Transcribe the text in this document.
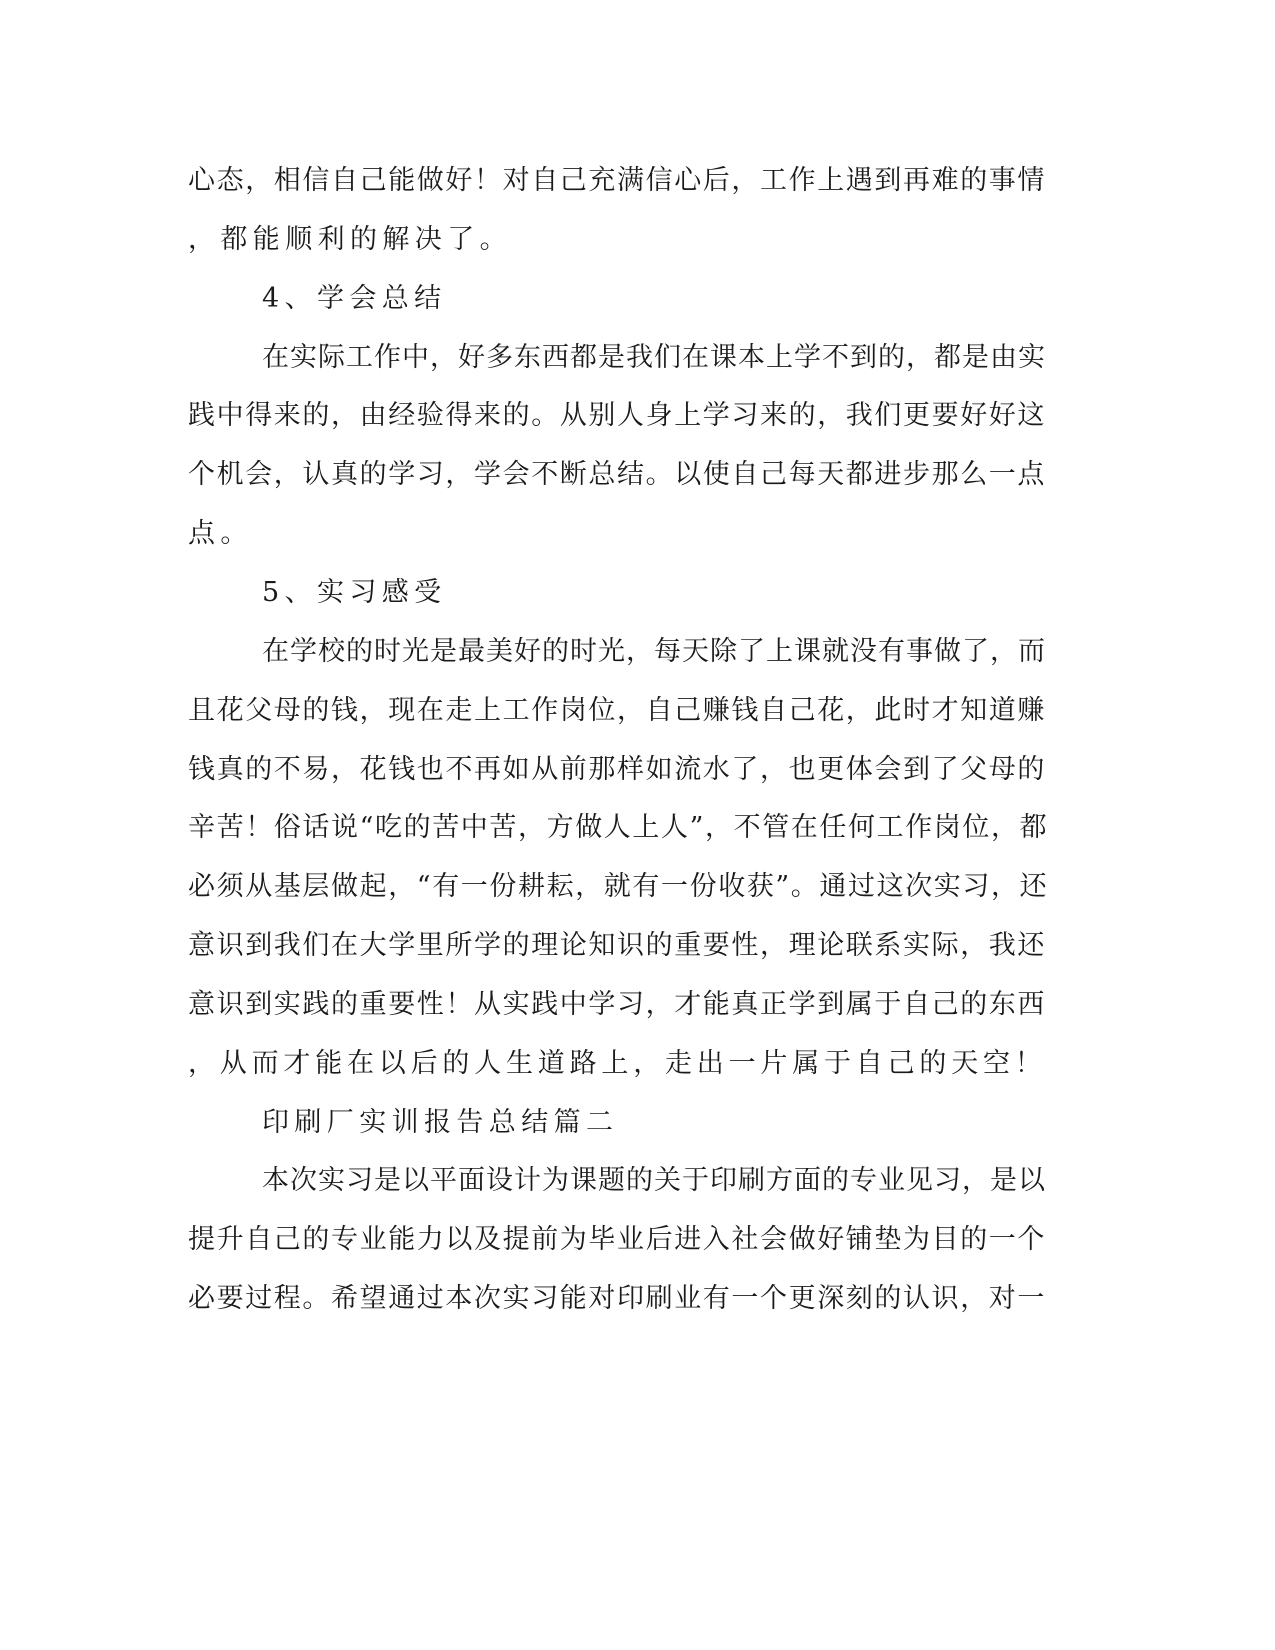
心态，相信自己能做好！对自己充满信心后，工作上遇到再难的事情
，都能顺利的解决了。
4、学会总结
在实际工作中，好多东西都是我们在课本上学不到的，都是由实
践中得来的，由经验得来的。从别人身上学习来的，我们更要好好这
个机会，认真的学习，学会不断总结。以使自己每天都进步那么一点
点。
5、实习感受
在学校的时光是最美好的时光，每天除了上课就没有事做了，而
且花父母的钱，现在走上工作岗位，自己赚钱自己花，此时才知道赚
钱真的不易，花钱也不再如从前那样如流水了，也更体会到了父母的
辛苦！俗话说“吃的苦中苦，方做人上人”，不管在任何工作岗位，都
必须从基层做起，“有一份耕耘，就有一份收获”。通过这次实习，还
意识到我们在大学里所学的理论知识的重要性，理论联系实际，我还
意识到实践的重要性！从实践中学习，才能真正学到属于自己的东西
，从而才能在以后的人生道路上，走出一片属于自己的天空！
印刷厂实训报告总结篇二
本次实习是以平面设计为课题的关于印刷方面的专业见习，是以
提升自己的专业能力以及提前为毕业后进入社会做好铺垫为目的一个
必要过程。希望通过本次实习能对印刷业有一个更深刻的认识，对一
